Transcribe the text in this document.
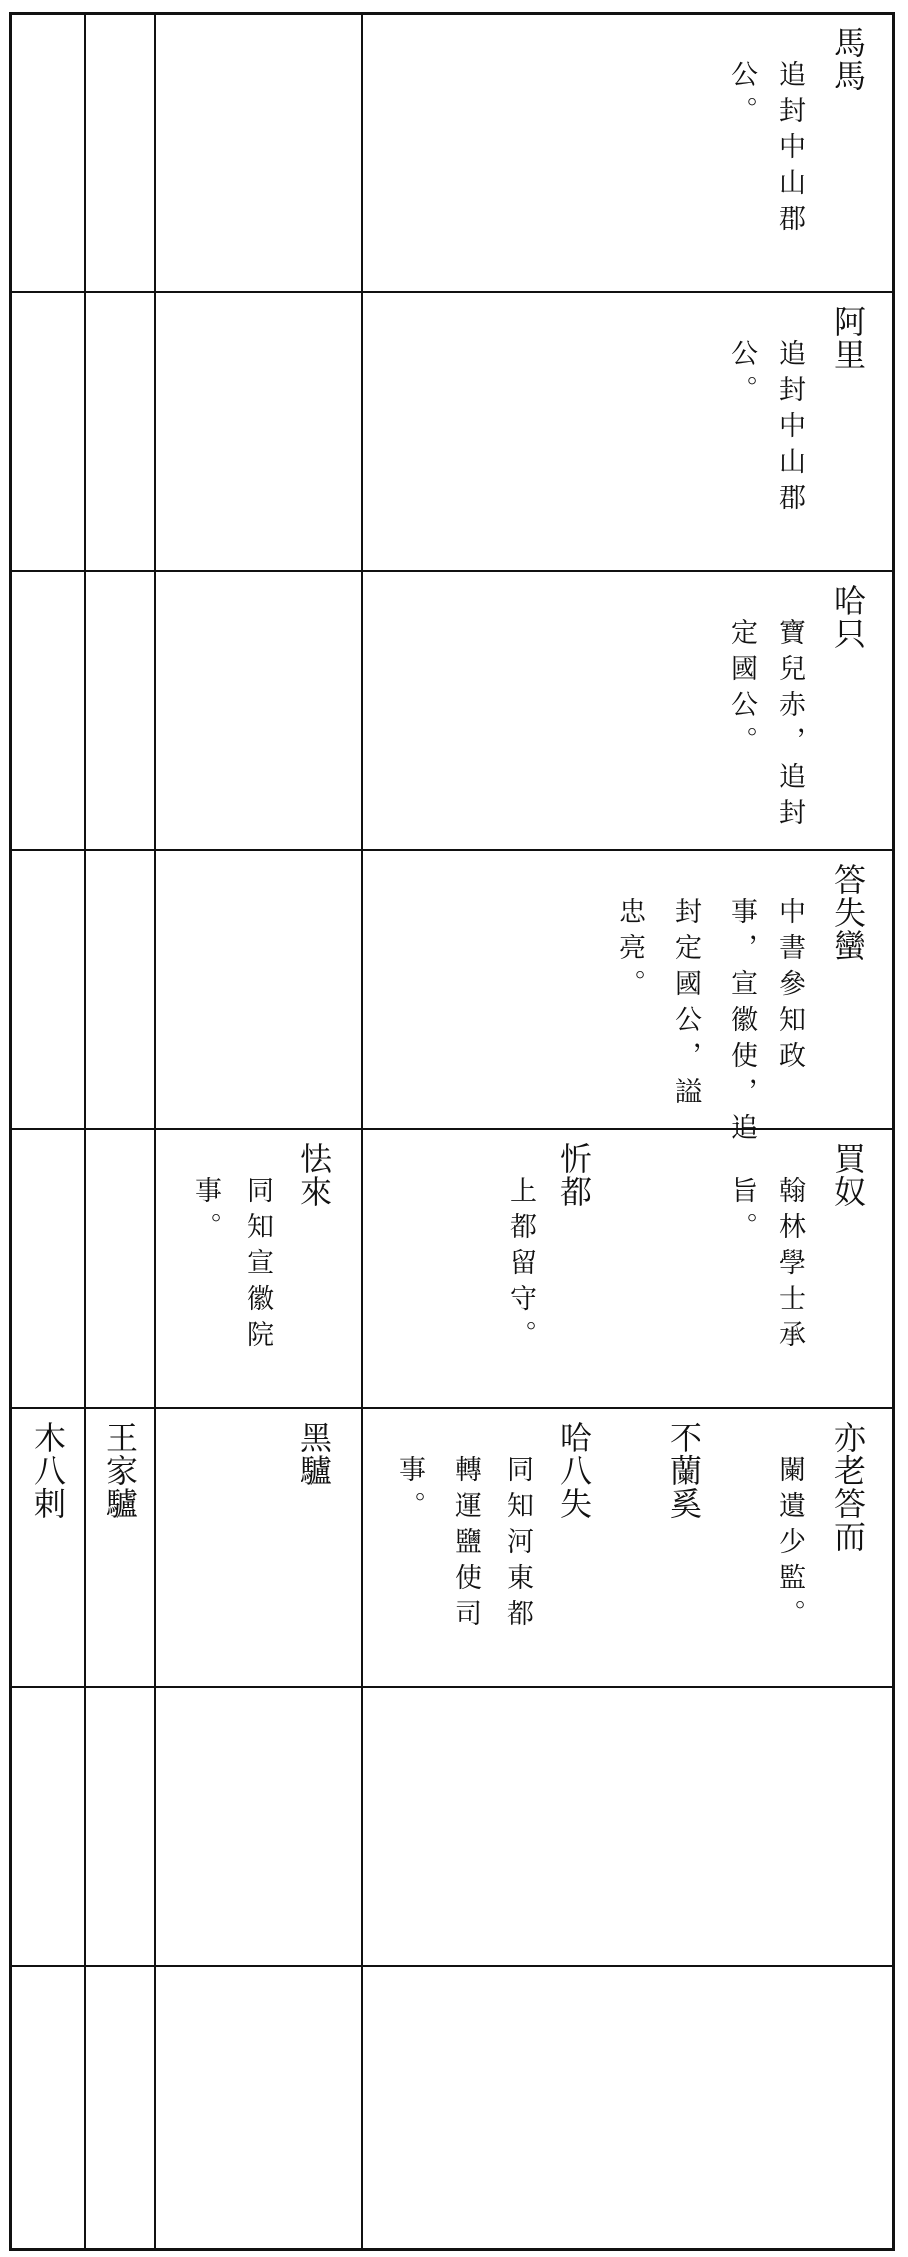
馬馬

追封中山郡

公。

阿里

追封中山郡

公。

哈只

寶兒赤，追封

定國公。

答失蠻

中書參知政

事，宣徽使，追

封定國公，謚

忠亮。

買奴

翰林學士承

旨。

忻都

上都留守。

怯來

同知宣徽院

事。

亦老答而

闌遺少監。

不蘭奚

哈八失

同知河東都

轉運鹽使司

事。

黑驢

王家驢

木八剌
